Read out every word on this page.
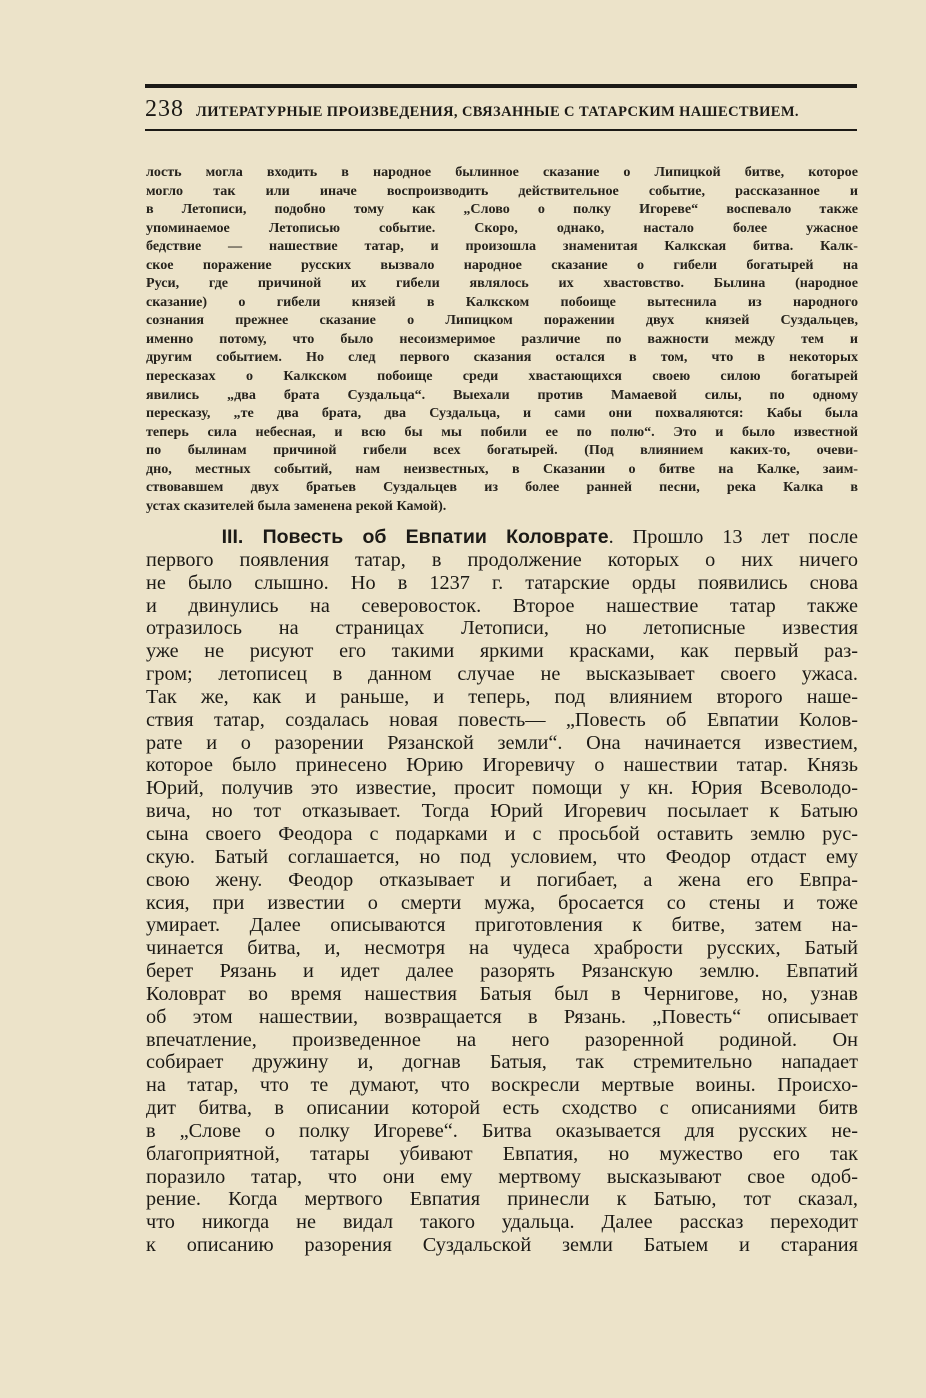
238 ЛИТЕРАТУРНЫЕ ПРОИЗВЕДЕНИЯ, СВЯЗАННЫЕ С ТАТАРСКИМ НАШЕСТВИЕМ.
лость могла входить в народное былинное сказание о Липицкой битве, которое
могло так или иначе воспроизводить действительное событие, рассказанное и
в Летописи, подобно тому как „Слово о полку Игореве“ воспевало также
упоминаемое Летописью событие. Скоро, однако, настало более ужасное
бедствие — нашествие татар, и произошла знаменитая Калкская битва. Калк-
ское поражение русских вызвало народное сказание о гибели богатырей на
Руси, где причиной их гибели являлось их хвастовство. Былина (народное
сказание) о гибели князей в Калкском побоище вытеснила из народного
сознания прежнее сказание о Липицком поражении двух князей Суздальцев,
именно потому, что было несоизмеримое различие по важности между тем и
другим событием. Но след первого сказания остался в том, что в некоторых
пересказах о Калкском побоище среди хвастающихся своею силою богатырей
явились „два брата Суздальца“. Выехали против Мамаевой силы, по одному
пересказу, „те два брата, два Суздальца, и сами они похваляются: Кабы была
теперь сила небесная, и всю бы мы побили ее по полю“. Это и было известной
по былинам причиной гибели всех богатырей. (Под влиянием каких-то, очеви-
дно, местных событий, нам неизвестных, в Сказании о битве на Калке, заим-
ствовавшем двух братьев Суздальцев из более ранней песни, река Калка в
устах сказителей была заменена рекой Камой).
III. Повесть об Евпатии Коловрате. Прошло 13 лет после
первого появления татар, в продолжение которых о них ничего
не было слышно. Но в 1237 г. татарские орды появились снова
и двинулись на северовосток. Второе нашествие татар также
отразилось на страницах Летописи, но летописные известия
уже не рисуют его такими яркими красками, как первый раз-
гром; летописец в данном случае не высказывает своего ужаса.
Так же, как и раньше, и теперь, под влиянием второго наше-
ствия татар, создалась новая повесть— „Повесть об Евпатии Колов-
рате и о разорении Рязанской земли“. Она начинается известием,
которое было принесено Юрию Игоревичу о нашествии татар. Князь
Юрий, получив это известие, просит помощи у кн. Юрия Всеволодо-
вича, но тот отказывает. Тогда Юрий Игоревич посылает к Батыю
сына своего Феодора с подарками и с просьбой оставить землю рус-
скую. Батый соглашается, но под условием, что Феодор отдаст ему
свою жену. Феодор отказывает и погибает, а жена его Евпра-
ксия, при известии о смерти мужа, бросается со стены и тоже
умирает. Далее описываются приготовления к битве, затем на-
чинается битва, и, несмотря на чудеса храбрости русских, Батый
берет Рязань и идет далее разорять Рязанскую землю. Евпатий
Коловрат во время нашествия Батыя был в Чернигове, но, узнав
об этом нашествии, возвращается в Рязань. „Повесть“ описывает
впечатление, произведенное на него разоренной родиной. Он
собирает дружину и, догнав Батыя, так стремительно нападает
на татар, что те думают, что воскресли мертвые воины. Происхо-
дит битва, в описании которой есть сходство с описаниями битв
в „Слове о полку Игореве“. Битва оказывается для русских не-
благоприятной, татары убивают Евпатия, но мужество его так
поразило татар, что они ему мертвому высказывают свое одоб-
рение. Когда мертвого Евпатия принесли к Батыю, тот сказал,
что никогда не видал такого удальца. Далее рассказ переходит
к описанию разорения Суздальской земли Батыем и старания
